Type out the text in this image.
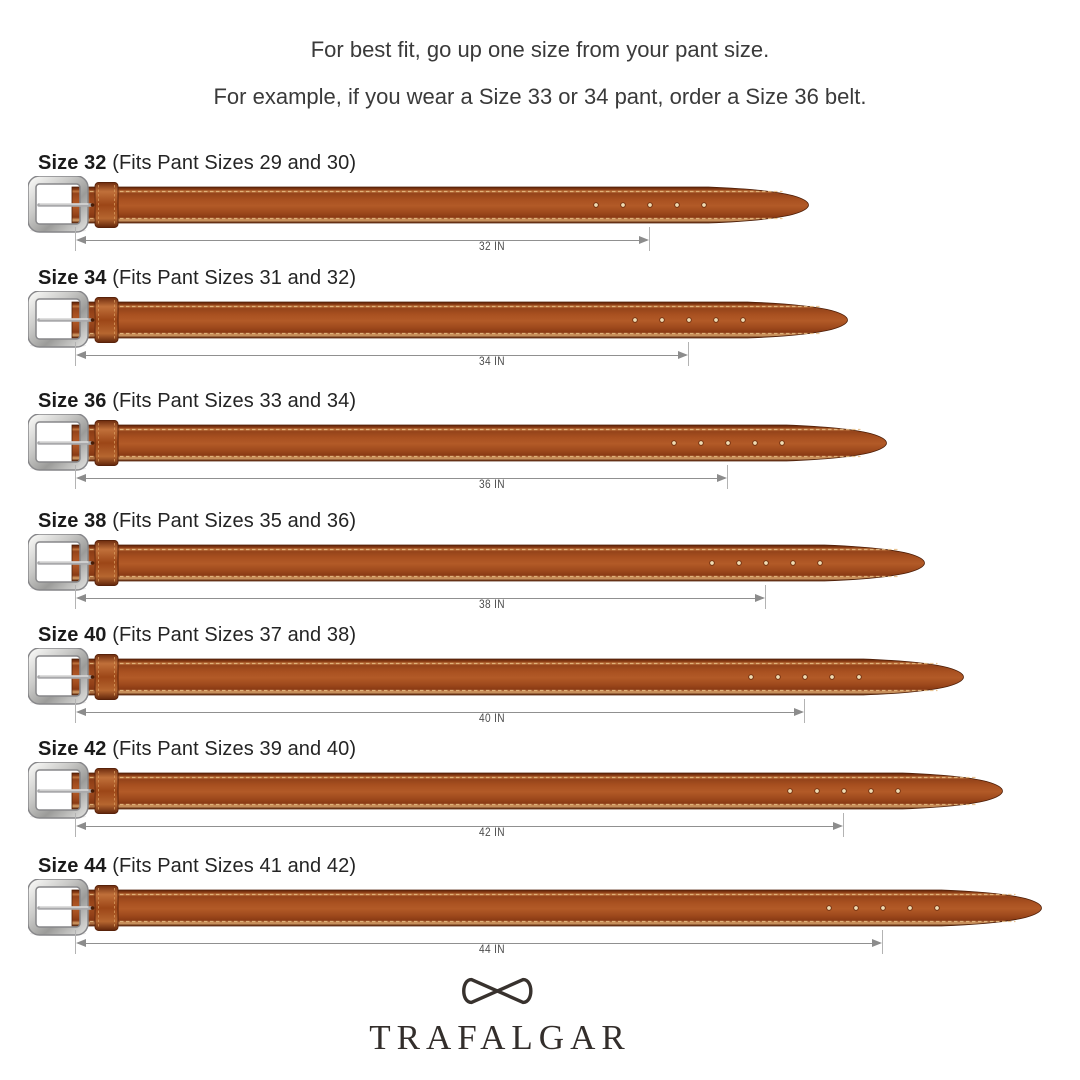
For best fit, go up one size from your pant size.

For example, if you wear a Size 33 or 34 pant, order a Size 36 belt.

Size 32 (Fits Pant Sizes 29 and 30)
32 IN
Size 34 (Fits Pant Sizes 31 and 32)
34 IN
Size 36 (Fits Pant Sizes 33 and 34)
36 IN
Size 38 (Fits Pant Sizes 35 and 36)
38 IN
Size 40 (Fits Pant Sizes 37 and 38)
40 IN
Size 42 (Fits Pant Sizes 39 and 40)
42 IN
Size 44 (Fits Pant Sizes 41 and 42)
44 IN
TRAFALGAR
